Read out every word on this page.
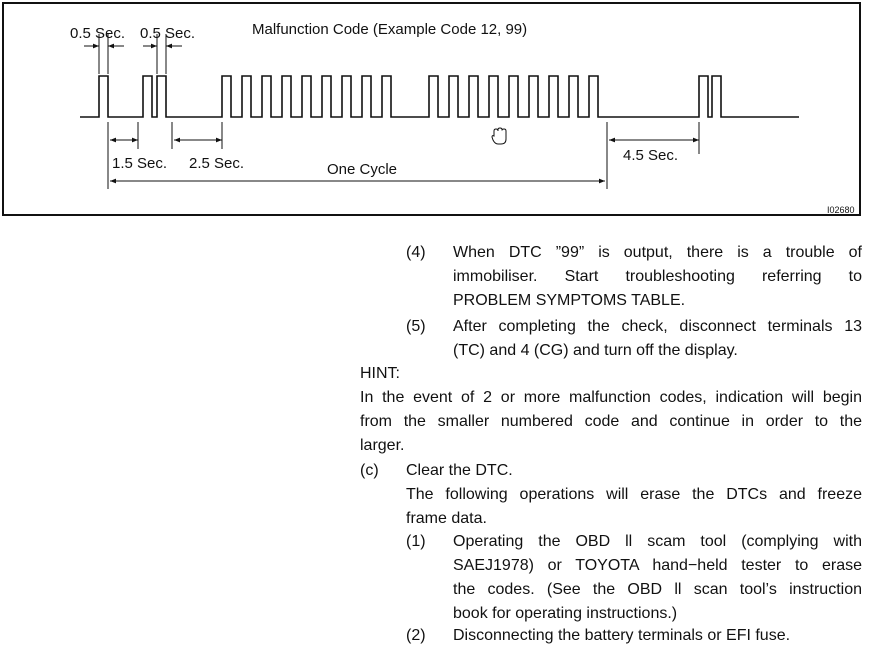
Malfunction Code (Example Code 12, 99)
0.5 Sec. 0.5 Sec.
1.5 Sec. 2.5 Sec.	One Cycle
4.5 Sec.
I02680
(4) When DTC ”99” is output, there is a trouble of
immobiliser. Start troubleshooting referring to
PROBLEM SYMPTOMS TABLE.
(5) After completing the check, disconnect terminals 13
(TC) and 4 (CG) and turn off the display.
HINT:
In the event of 2 or more malfunction codes, indication will begin
from the smaller numbered code and continue in order to the
larger.
(c) Clear the DTC.
The following operations will erase the DTCs and freeze
frame data.
(1) Operating the OBD ll scam tool (complying with
SAEJ1978) or TOYOTA hand−held tester to erase
the codes. (See the OBD ll scan tool’s instruction
book for operating instructions.)
(2) Disconnecting the battery terminals or EFI fuse.
